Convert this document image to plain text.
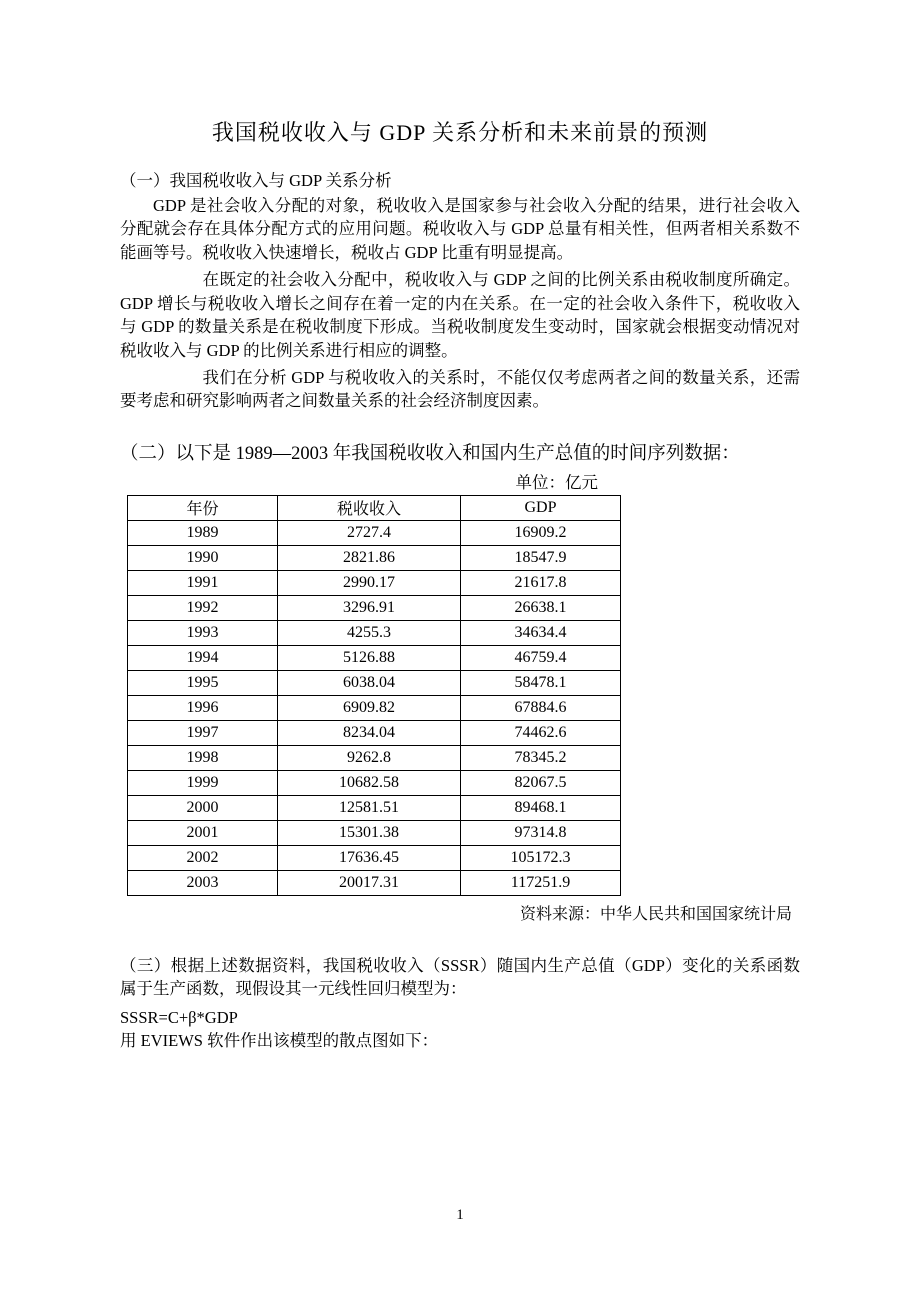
我国税收收入与 GDP 关系分析和未来前景的预测
（一）我国税收收入与 GDP 关系分析

GDP 是社会收入分配的对象，税收收入是国家参与社会收入分配的结果，进行社会收入分配就会存在具体分配方式的应用问题。税收收入与 GDP 总量有相关性，但两者相关系数不能画等号。税收收入快速增长，税收占 GDP 比重有明显提高。

在既定的社会收入分配中，税收收入与 GDP 之间的比例关系由税收制度所确定。GDP 增长与税收收入增长之间存在着一定的内在关系。在一定的社会收入条件下，税收收入与 GDP 的数量关系是在税收制度下形成。当税收制度发生变动时，国家就会根据变动情况对税收收入与 GDP 的比例关系进行相应的调整。

我们在分析 GDP 与税收收入的关系时，不能仅仅考虑两者之间的数量关系，还需要考虑和研究影响两者之间数量关系的社会经济制度因素。

（二）以下是 1989—2003 年我国税收收入和国内生产总值的时间序列数据：
单位：亿元
年份	税收收入	GDP
1989	2727.4	16909.2
1990	2821.86	18547.9
1991	2990.17	21617.8
1992	3296.91	26638.1
1993	4255.3	34634.4
1994	5126.88	46759.4
1995	6038.04	58478.1
1996	6909.82	67884.6
1997	8234.04	74462.6
1998	9262.8	78345.2
1999	10682.58	82067.5
2000	12581.51	89468.1
2001	15301.38	97314.8
2002	17636.45	105172.3
2003	20017.31	117251.9
资料来源：中华人民共和国国家统计局

（三）根据上述数据资料，我国税收收入（SSSR）随国内生产总值（GDP）变化的关系函数属于生产函数，现假设其一元线性回归模型为：

SSSR=C+β*GDP

用 EVIEWS 软件作出该模型的散点图如下：

1
